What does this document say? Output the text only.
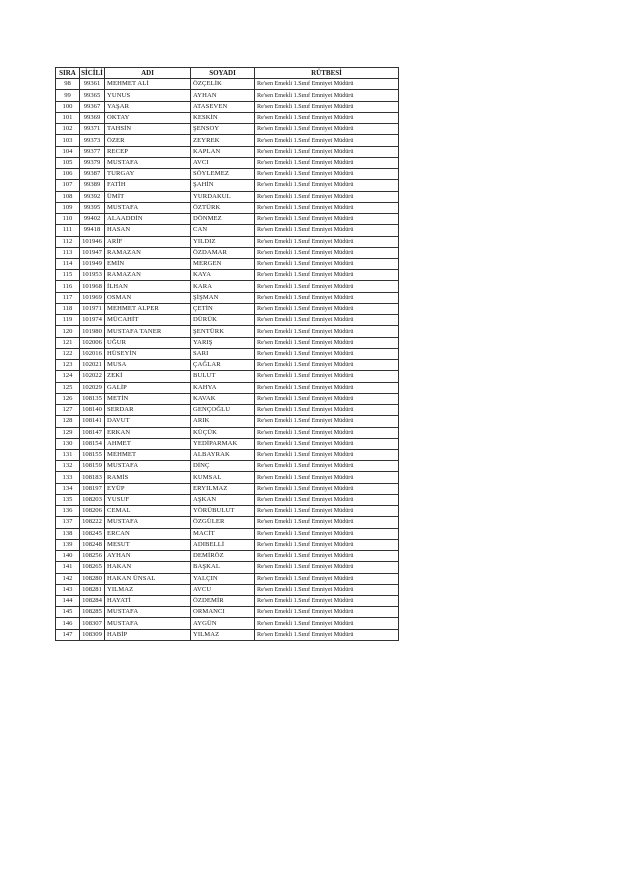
SIRA	SİCİLİ	ADI	SOYADI	RÜTBESİ
98	99361	MEHMET ALİ	ÖZÇELİK	Re'sen Emekli 1.Sınıf Emniyet Müdürü
99	99365	YUNUS	AYHAN	Re'sen Emekli 1.Sınıf Emniyet Müdürü
100	99367	YAŞAR	ATASEVEN	Re'sen Emekli 1.Sınıf Emniyet Müdürü
101	99369	OKTAY	KESKİN	Re'sen Emekli 1.Sınıf Emniyet Müdürü
102	99371	TAHSİN	ŞENSOY	Re'sen Emekli 1.Sınıf Emniyet Müdürü
103	99373	ÖZER	ZEYREK	Re'sen Emekli 1.Sınıf Emniyet Müdürü
104	99377	RECEP	KAPLAN	Re'sen Emekli 1.Sınıf Emniyet Müdürü
105	99379	MUSTAFA	AVCI	Re'sen Emekli 1.Sınıf Emniyet Müdürü
106	99387	TURGAY	SÖYLEMEZ	Re'sen Emekli 1.Sınıf Emniyet Müdürü
107	99389	FATİH	ŞAHİN	Re'sen Emekli 1.Sınıf Emniyet Müdürü
108	99392	ÜMİT	YURDAKUL	Re'sen Emekli 1.Sınıf Emniyet Müdürü
109	99395	MUSTAFA	ÖZTÜRK	Re'sen Emekli 1.Sınıf Emniyet Müdürü
110	99402	ALAADDİN	DÖNMEZ	Re'sen Emekli 1.Sınıf Emniyet Müdürü
111	99418	HASAN	CAN	Re'sen Emekli 1.Sınıf Emniyet Müdürü
112	101946	ARİF	YILDIZ	Re'sen Emekli 1.Sınıf Emniyet Müdürü
113	101947	RAMAZAN	ÖZDAMAR	Re'sen Emekli 1.Sınıf Emniyet Müdürü
114	101949	EMİN	MERGEN	Re'sen Emekli 1.Sınıf Emniyet Müdürü
115	101953	RAMAZAN	KAYA	Re'sen Emekli 1.Sınıf Emniyet Müdürü
116	101968	İLHAN	KARA	Re'sen Emekli 1.Sınıf Emniyet Müdürü
117	101969	OSMAN	ŞİŞMAN	Re'sen Emekli 1.Sınıf Emniyet Müdürü
118	101971	MEHMET ALPER	ÇETİN	Re'sen Emekli 1.Sınıf Emniyet Müdürü
119	101974	MÜCAHİT	DÜRÜK	Re'sen Emekli 1.Sınıf Emniyet Müdürü
120	101980	MUSTAFA TANER	ŞENTÜRK	Re'sen Emekli 1.Sınıf Emniyet Müdürü
121	102006	UĞUR	YARIŞ	Re'sen Emekli 1.Sınıf Emniyet Müdürü
122	102016	HÜSEYİN	SARI	Re'sen Emekli 1.Sınıf Emniyet Müdürü
123	102021	MUSA	ÇAĞLAR	Re'sen Emekli 1.Sınıf Emniyet Müdürü
124	102022	ZEKİ	BULUT	Re'sen Emekli 1.Sınıf Emniyet Müdürü
125	102029	GALİP	KAHYA	Re'sen Emekli 1.Sınıf Emniyet Müdürü
126	108135	METİN	KAVAK	Re'sen Emekli 1.Sınıf Emniyet Müdürü
127	108140	SERDAR	GENÇOĞLU	Re'sen Emekli 1.Sınıf Emniyet Müdürü
128	108141	DAVUT	ARIK	Re'sen Emekli 1.Sınıf Emniyet Müdürü
129	108147	ERKAN	KÜÇÜK	Re'sen Emekli 1.Sınıf Emniyet Müdürü
130	108154	AHMET	YEDİPARMAK	Re'sen Emekli 1.Sınıf Emniyet Müdürü
131	108155	MEHMET	ALBAYRAK	Re'sen Emekli 1.Sınıf Emniyet Müdürü
132	108159	MUSTAFA	DİNÇ	Re'sen Emekli 1.Sınıf Emniyet Müdürü
133	108183	RAMİS	KUMSAL	Re'sen Emekli 1.Sınıf Emniyet Müdürü
134	108197	EYÜP	ERYILMAZ	Re'sen Emekli 1.Sınıf Emniyet Müdürü
135	108203	YUSUF	AŞKAN	Re'sen Emekli 1.Sınıf Emniyet Müdürü
136	108206	CEMAL	YÖRÜBULUT	Re'sen Emekli 1.Sınıf Emniyet Müdürü
137	108222	MUSTAFA	ÖZGÜLER	Re'sen Emekli 1.Sınıf Emniyet Müdürü
138	108245	ERCAN	MACİT	Re'sen Emekli 1.Sınıf Emniyet Müdürü
139	108248	MESUT	ADIBELLİ	Re'sen Emekli 1.Sınıf Emniyet Müdürü
140	108256	AYHAN	DEMİRÖZ	Re'sen Emekli 1.Sınıf Emniyet Müdürü
141	108265	HAKAN	BAŞKAL	Re'sen Emekli 1.Sınıf Emniyet Müdürü
142	108280	HAKAN ÜNSAL	YALÇIN	Re'sen Emekli 1.Sınıf Emniyet Müdürü
143	108281	YILMAZ	AVCU	Re'sen Emekli 1.Sınıf Emniyet Müdürü
144	108284	HAYATİ	ÖZDEMİR	Re'sen Emekli 1.Sınıf Emniyet Müdürü
145	108285	MUSTAFA	ORMANCI	Re'sen Emekli 1.Sınıf Emniyet Müdürü
146	108307	MUSTAFA	AYGÜN	Re'sen Emekli 1.Sınıf Emniyet Müdürü
147	108309	HABİP	YILMAZ	Re'sen Emekli 1.Sınıf Emniyet Müdürü
